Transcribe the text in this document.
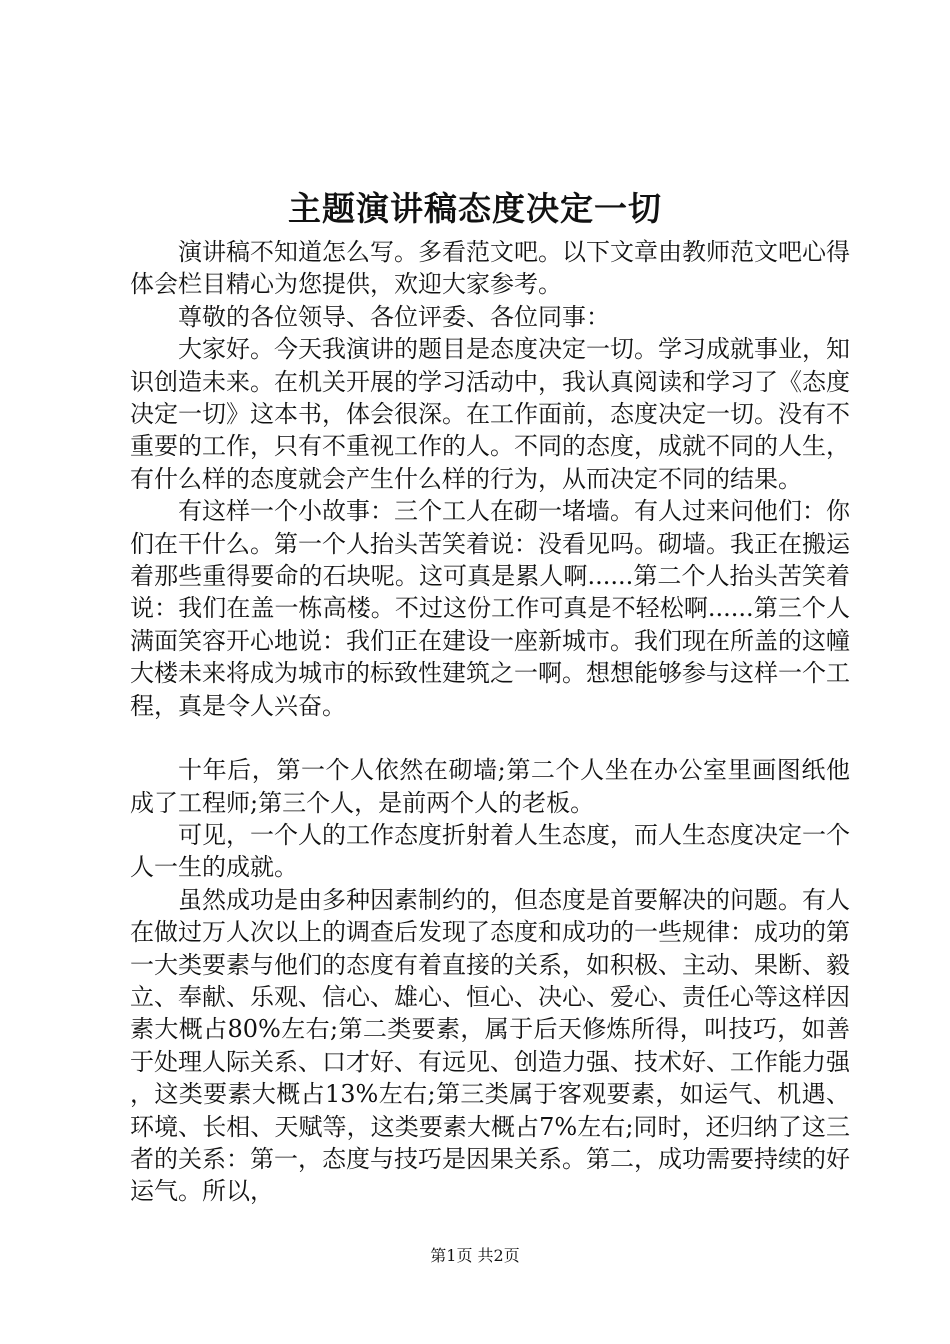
主题演讲稿态度决定一切

演讲稿不知道怎么写。多看范文吧。以下文章由教师范文吧心得体会栏目精心为您提供，欢迎大家参考。

尊敬的各位领导、各位评委、各位同事：

大家好。今天我演讲的题目是态度决定一切。学习成就事业，知识创造未来。在机关开展的学习活动中，我认真阅读和学习了《态度决定一切》这本书，体会很深。在工作面前，态度决定一切。没有不重要的工作，只有不重视工作的人。不同的态度，成就不同的人生，有什么样的态度就会产生什么样的行为，从而决定不同的结果。

有这样一个小故事：三个工人在砌一堵墙。有人过来问他们：你们在干什么。第一个人抬头苦笑着说：没看见吗。砌墙。我正在搬运着那些重得要命的石块呢。这可真是累人啊......第二个人抬头苦笑着说：我们在盖一栋高楼。不过这份工作可真是不轻松啊......第三个人满面笑容开心地说：我们正在建设一座新城市。我们现在所盖的这幢大楼未来将成为城市的标致性建筑之一啊。想想能够参与这样一个工程，真是令人兴奋。

十年后，第一个人依然在砌墙;第二个人坐在办公室里画图纸他成了工程师;第三个人，是前两个人的老板。

可见，一个人的工作态度折射着人生态度，而人生态度决定一个人一生的成就。

虽然成功是由多种因素制约的，但态度是首要解决的问题。有人在做过万人次以上的调查后发现了态度和成功的一些规律：成功的第一大类要素与他们的态度有着直接的关系，如积极、主动、果断、毅立、奉献、乐观、信心、雄心、恒心、决心、爱心、责任心等这样因素大概占80%左右;第二类要素，属于后天修炼所得，叫技巧，如善于处理人际关系、口才好、有远见、创造力强、技术好、工作能力强，这类要素大概占13%左右;第三类属于客观要素，如运气、机遇、环境、长相、天赋等，这类要素大概占7%左右;同时，还归纳了这三者的关系：第一，态度与技巧是因果关系。第二，成功需要持续的好运气。所以，

第1页 共2页
